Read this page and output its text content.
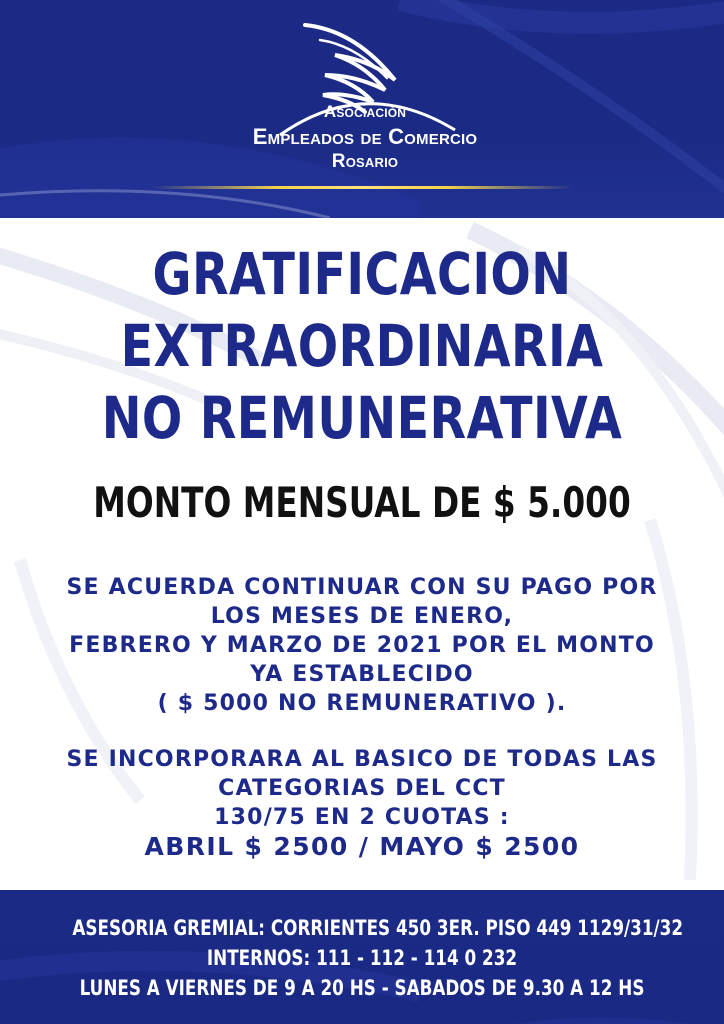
Asociación
Empleados de Comercio
Rosario
GRATIFICACION
EXTRAORDINARIA
NO REMUNERATIVA
MONTO MENSUAL DE $ 5.000
SE ACUERDA CONTINUAR CON SU PAGO POR
LOS MESES DE ENERO,
FEBRERO Y MARZO DE 2021 POR EL MONTO
YA ESTABLECIDO
( $ 5000 NO REMUNERATIVO ).
SE INCORPORARA AL BASICO DE TODAS LAS
CATEGORIAS DEL CCT
130/75 EN 2 CUOTAS :
ABRIL $ 2500 / MAYO $ 2500
ASESORIA GREMIAL: CORRIENTES 450 3ER. PISO 449 1129/31/32
INTERNOS: 111 - 112 - 114 0 232
LUNES A VIERNES DE 9 A 20 HS - SABADOS DE 9.30 A 12 HS
